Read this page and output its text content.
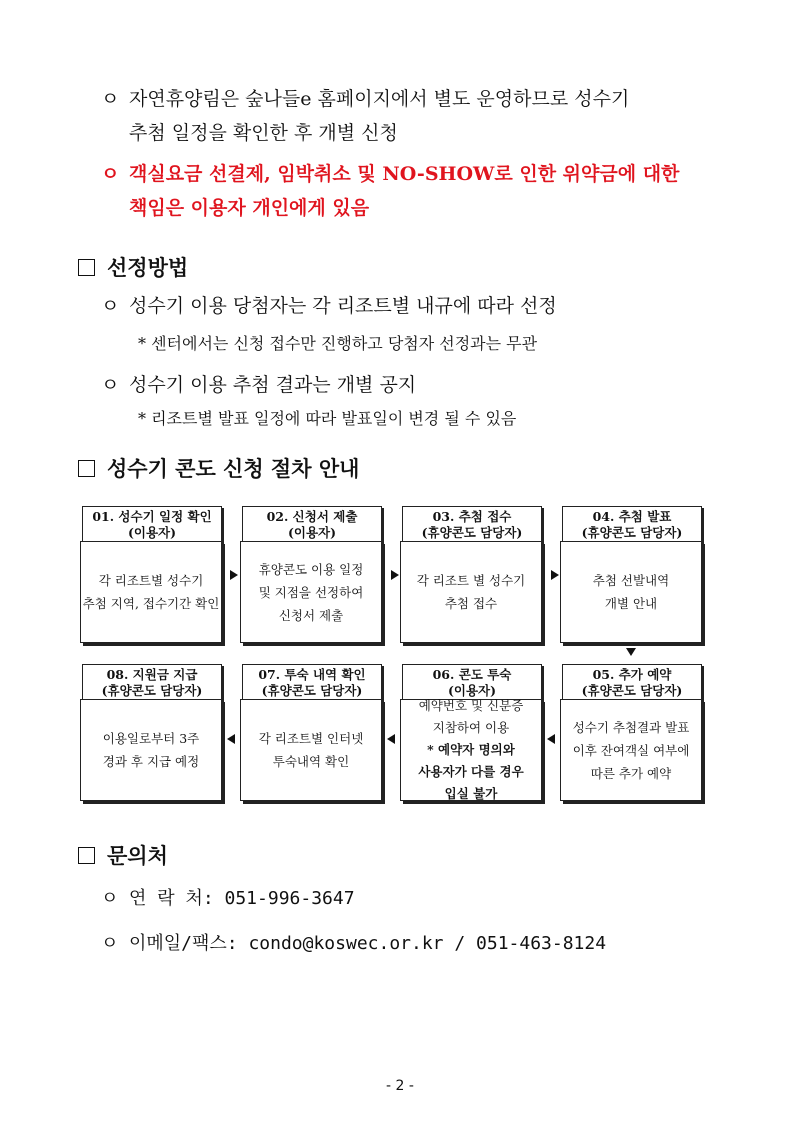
ㅇ 자연휴양림은 숲나들e 홈페이지에서 별도 운영하므로 성수기
추첨 일정을 확인한 후 개별 신청
ㅇ 객실요금 선결제, 임박취소 및 NO-SHOW로 인한 위약금에 대한
책임은 이용자 개인에게 있음
선정방법
ㅇ 성수기 이용 당첨자는 각 리조트별 내규에 따라 선정
* 센터에서는 신청 접수만 진행하고 당첨자 선정과는 무관
ㅇ 성수기 이용 추첨 결과는 개별 공지
* 리조트별 발표 일정에 따라 발표일이 변경 될 수 있음
성수기 콘도 신청 절차 안내
01. 성수기 일정 확인
(이용자)
각 리조트별 성수기
추첨 지역, 접수기간 확인
02. 신청서 제출
(이용자)
휴양콘도 이용 일정
및 지점을 선정하여
신청서 제출
03. 추첨 접수
(휴양콘도 담당자)
각 리조트 별 성수기
추첨 접수
04. 추첨 발표
(휴양콘도 담당자)
추첨 선발내역
개별 안내
05. 추가 예약
(휴양콘도 담당자)
성수기 추첨결과 발표
이후 잔여객실 여부에
따른 추가 예약
06. 콘도 투숙
(이용자)
예약번호 및 신분증
지참하여 이용
* 예약자 명의와
사용자가 다를 경우
입실 불가
07. 투숙 내역 확인
(휴양콘도 담당자)
각 리조트별 인터넷
투숙내역 확인
08. 지원금 지급
(휴양콘도 담당자)
이용일로부터 3주
경과 후 지급 예정
문의처
ㅇ 연 락 처: 051-996-3647
ㅇ 이메일/팩스: condo@koswec.or.kr / 051-463-8124
- 2 -
